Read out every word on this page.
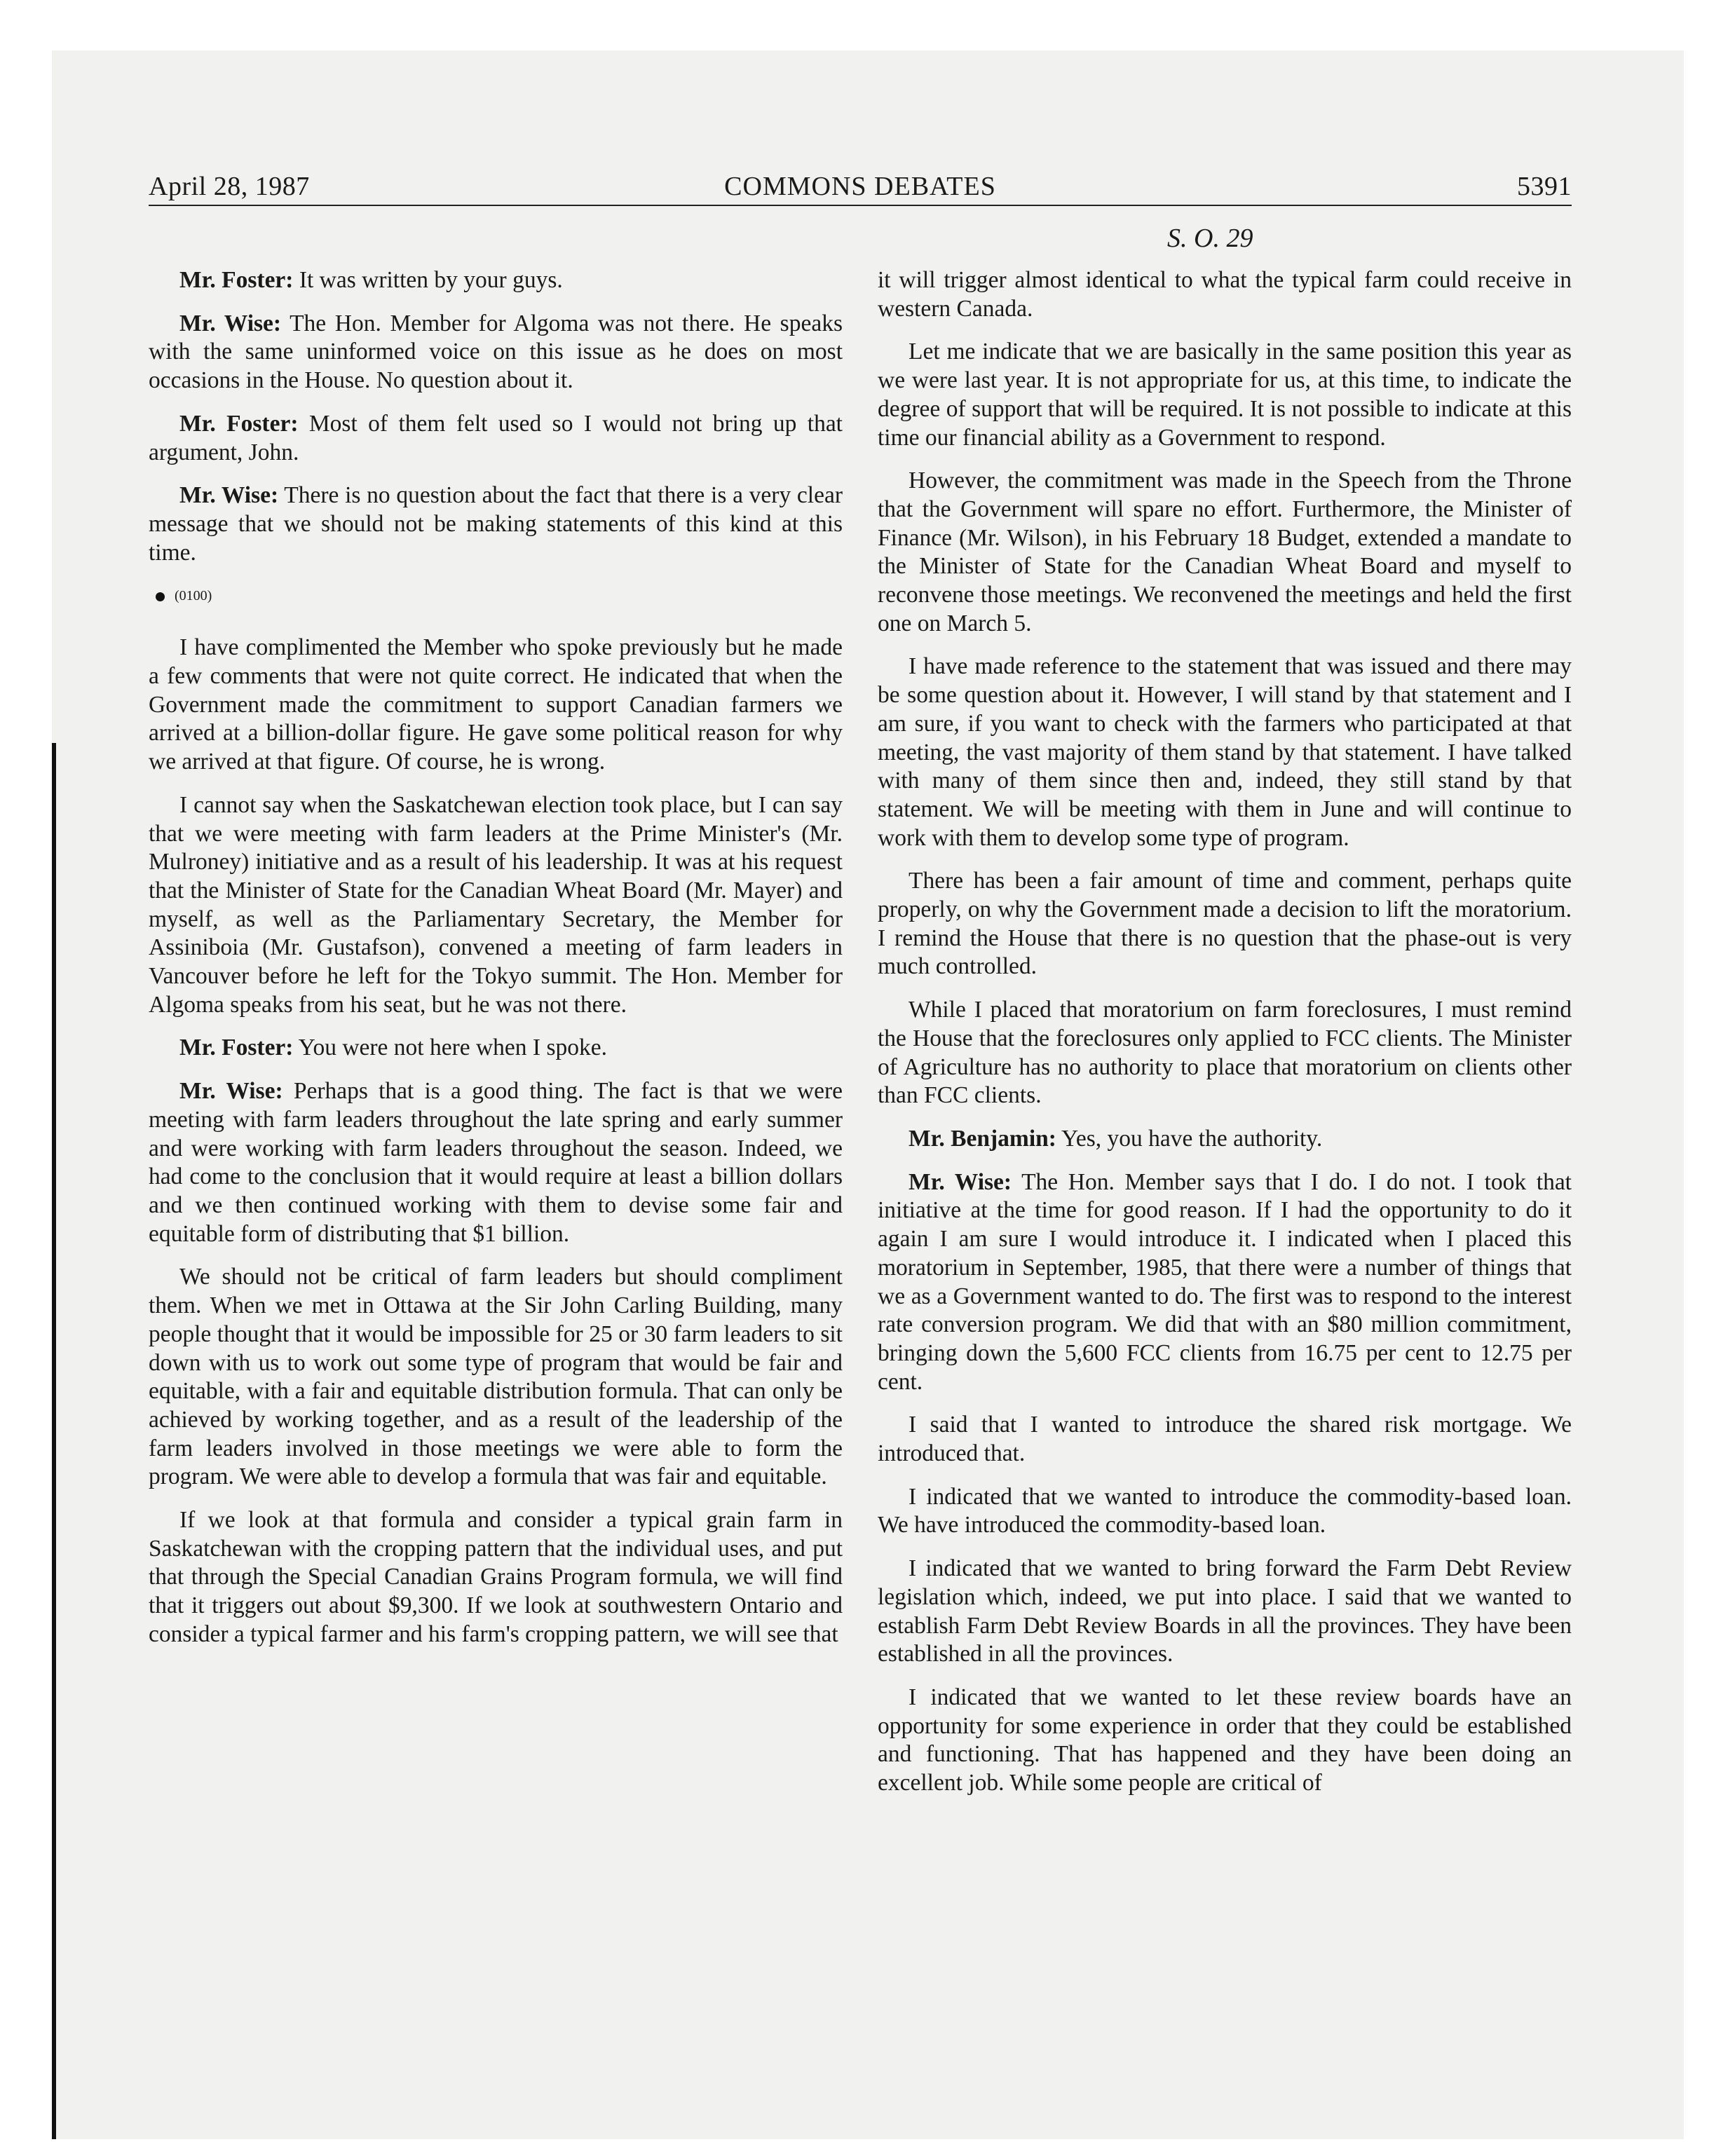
April 28, 1987	COMMONS DEBATES	5391
S. O. 29

Mr. Foster: It was written by your guys.

Mr. Wise: The Hon. Member for Algoma was not there. He speaks with the same uninformed voice on this issue as he does on most occasions in the House. No question about it.

Mr. Foster: Most of them felt used so I would not bring up that argument, John.

Mr. Wise: There is no question about the fact that there is a very clear message that we should not be making statements of this kind at this time.

(0100)

I have complimented the Member who spoke previously but he made a few comments that were not quite correct. He indicated that when the Government made the commitment to support Canadian farmers we arrived at a billion-dollar figure. He gave some political reason for why we arrived at that figure. Of course, he is wrong.

I cannot say when the Saskatchewan election took place, but I can say that we were meeting with farm leaders at the Prime Minister's (Mr. Mulroney) initiative and as a result of his leadership. It was at his request that the Minister of State for the Canadian Wheat Board (Mr. Mayer) and myself, as well as the Parliamentary Secretary, the Member for Assiniboia (Mr. Gustafson), convened a meeting of farm leaders in Vancouver before he left for the Tokyo summit. The Hon. Member for Algoma speaks from his seat, but he was not there.

Mr. Foster: You were not here when I spoke.

Mr. Wise: Perhaps that is a good thing. The fact is that we were meeting with farm leaders throughout the late spring and early summer and were working with farm leaders throughout the season. Indeed, we had come to the conclusion that it would require at least a billion dollars and we then continued working with them to devise some fair and equitable form of distributing that $1 billion.

We should not be critical of farm leaders but should compliment them. When we met in Ottawa at the Sir John Carling Building, many people thought that it would be impossible for 25 or 30 farm leaders to sit down with us to work out some type of program that would be fair and equitable, with a fair and equitable distribution formula. That can only be achieved by working together, and as a result of the leadership of the farm leaders involved in those meetings we were able to form the program. We were able to develop a formula that was fair and equitable.

If we look at that formula and consider a typical grain farm in Saskatchewan with the cropping pattern that the individual uses, and put that through the Special Canadian Grains Program formula, we will find that it triggers out about $9,300. If we look at southwestern Ontario and consider a typical farmer and his farm's cropping pattern, we will see that

it will trigger almost identical to what the typical farm could receive in western Canada.

Let me indicate that we are basically in the same position this year as we were last year. It is not appropriate for us, at this time, to indicate the degree of support that will be required. It is not possible to indicate at this time our financial ability as a Government to respond.

However, the commitment was made in the Speech from the Throne that the Government will spare no effort. Furthermore, the Minister of Finance (Mr. Wilson), in his February 18 Budget, extended a mandate to the Minister of State for the Canadian Wheat Board and myself to reconvene those meetings. We reconvened the meetings and held the first one on March 5.

I have made reference to the statement that was issued and there may be some question about it. However, I will stand by that statement and I am sure, if you want to check with the farmers who participated at that meeting, the vast majority of them stand by that statement. I have talked with many of them since then and, indeed, they still stand by that statement. We will be meeting with them in June and will continue to work with them to develop some type of program.

There has been a fair amount of time and comment, perhaps quite properly, on why the Government made a decision to lift the moratorium. I remind the House that there is no question that the phase-out is very much controlled.

While I placed that moratorium on farm foreclosures, I must remind the House that the foreclosures only applied to FCC clients. The Minister of Agriculture has no authority to place that moratorium on clients other than FCC clients.

Mr. Benjamin: Yes, you have the authority.

Mr. Wise: The Hon. Member says that I do. I do not. I took that initiative at the time for good reason. If I had the opportunity to do it again I am sure I would introduce it. I indicated when I placed this moratorium in September, 1985, that there were a number of things that we as a Government wanted to do. The first was to respond to the interest rate conversion program. We did that with an $80 million commitment, bringing down the 5,600 FCC clients from 16.75 per cent to 12.75 per cent.

I said that I wanted to introduce the shared risk mortgage. We introduced that.

I indicated that we wanted to introduce the commodity-based loan. We have introduced the commodity-based loan.

I indicated that we wanted to bring forward the Farm Debt Review legislation which, indeed, we put into place. I said that we wanted to establish Farm Debt Review Boards in all the provinces. They have been established in all the provinces.

I indicated that we wanted to let these review boards have an opportunity for some experience in order that they could be established and functioning. That has happened and they have been doing an excellent job. While some people are critical of
